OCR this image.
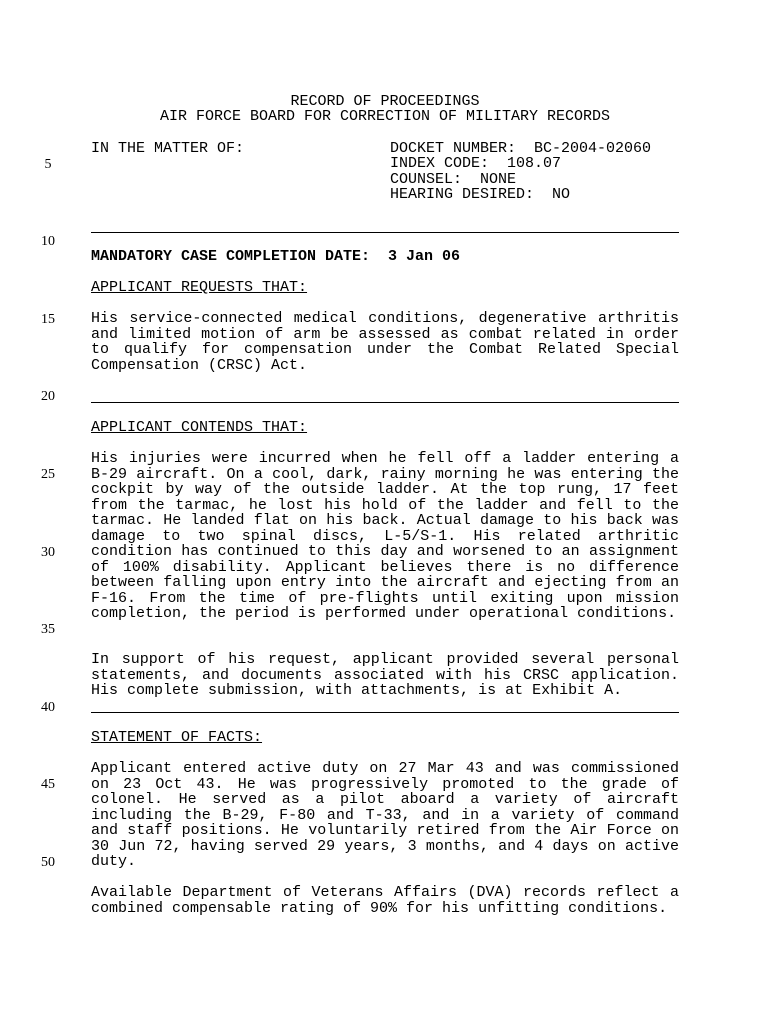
RECORD OF PROCEEDINGS
AIR FORCE BOARD FOR CORRECTION OF MILITARY RECORDS
IN THE MATTER OF:	DOCKET NUMBER:  BC-2004-02060
INDEX CODE:  108.07
COUNSEL:  NONE
HEARING DESIRED:  NO
5
10
15
20
25
30
35
40
45
50
MANDATORY CASE COMPLETION DATE:  3 Jan 06
APPLICANT REQUESTS THAT:
His service-connected medical conditions, degenerative arthritis and limited motion of arm be assessed as combat related in order to qualify for compensation under the Combat Related Special Compensation (CRSC) Act.
APPLICANT CONTENDS THAT:
His injuries were incurred when he fell off a ladder entering a B-29 aircraft. On a cool, dark, rainy morning he was entering the cockpit by way of the outside ladder. At the top rung, 17 feet from the tarmac, he lost his hold of the ladder and fell to the tarmac. He landed flat on his back. Actual damage to his back was damage to two spinal discs, L-5/S-1. His related arthritic condition has continued to this day and worsened to an assignment of 100% disability. Applicant believes there is no difference between falling upon entry into the aircraft and ejecting from an F-16. From the time of pre-flights until exiting upon mission completion, the period is performed under operational conditions.
In support of his request, applicant provided several personal statements, and documents associated with his CRSC application. His complete submission, with attachments, is at Exhibit A.
STATEMENT OF FACTS:
Applicant entered active duty on 27 Mar 43 and was commissioned on 23 Oct 43. He was progressively promoted to the grade of colonel. He served as a pilot aboard a variety of aircraft including the B-29, F-80 and T-33, and in a variety of command and staff positions. He voluntarily retired from the Air Force on 30 Jun 72, having served 29 years, 3 months, and 4 days on active duty.
Available Department of Veterans Affairs (DVA) records reflect a combined compensable rating of 90% for his unfitting conditions.
